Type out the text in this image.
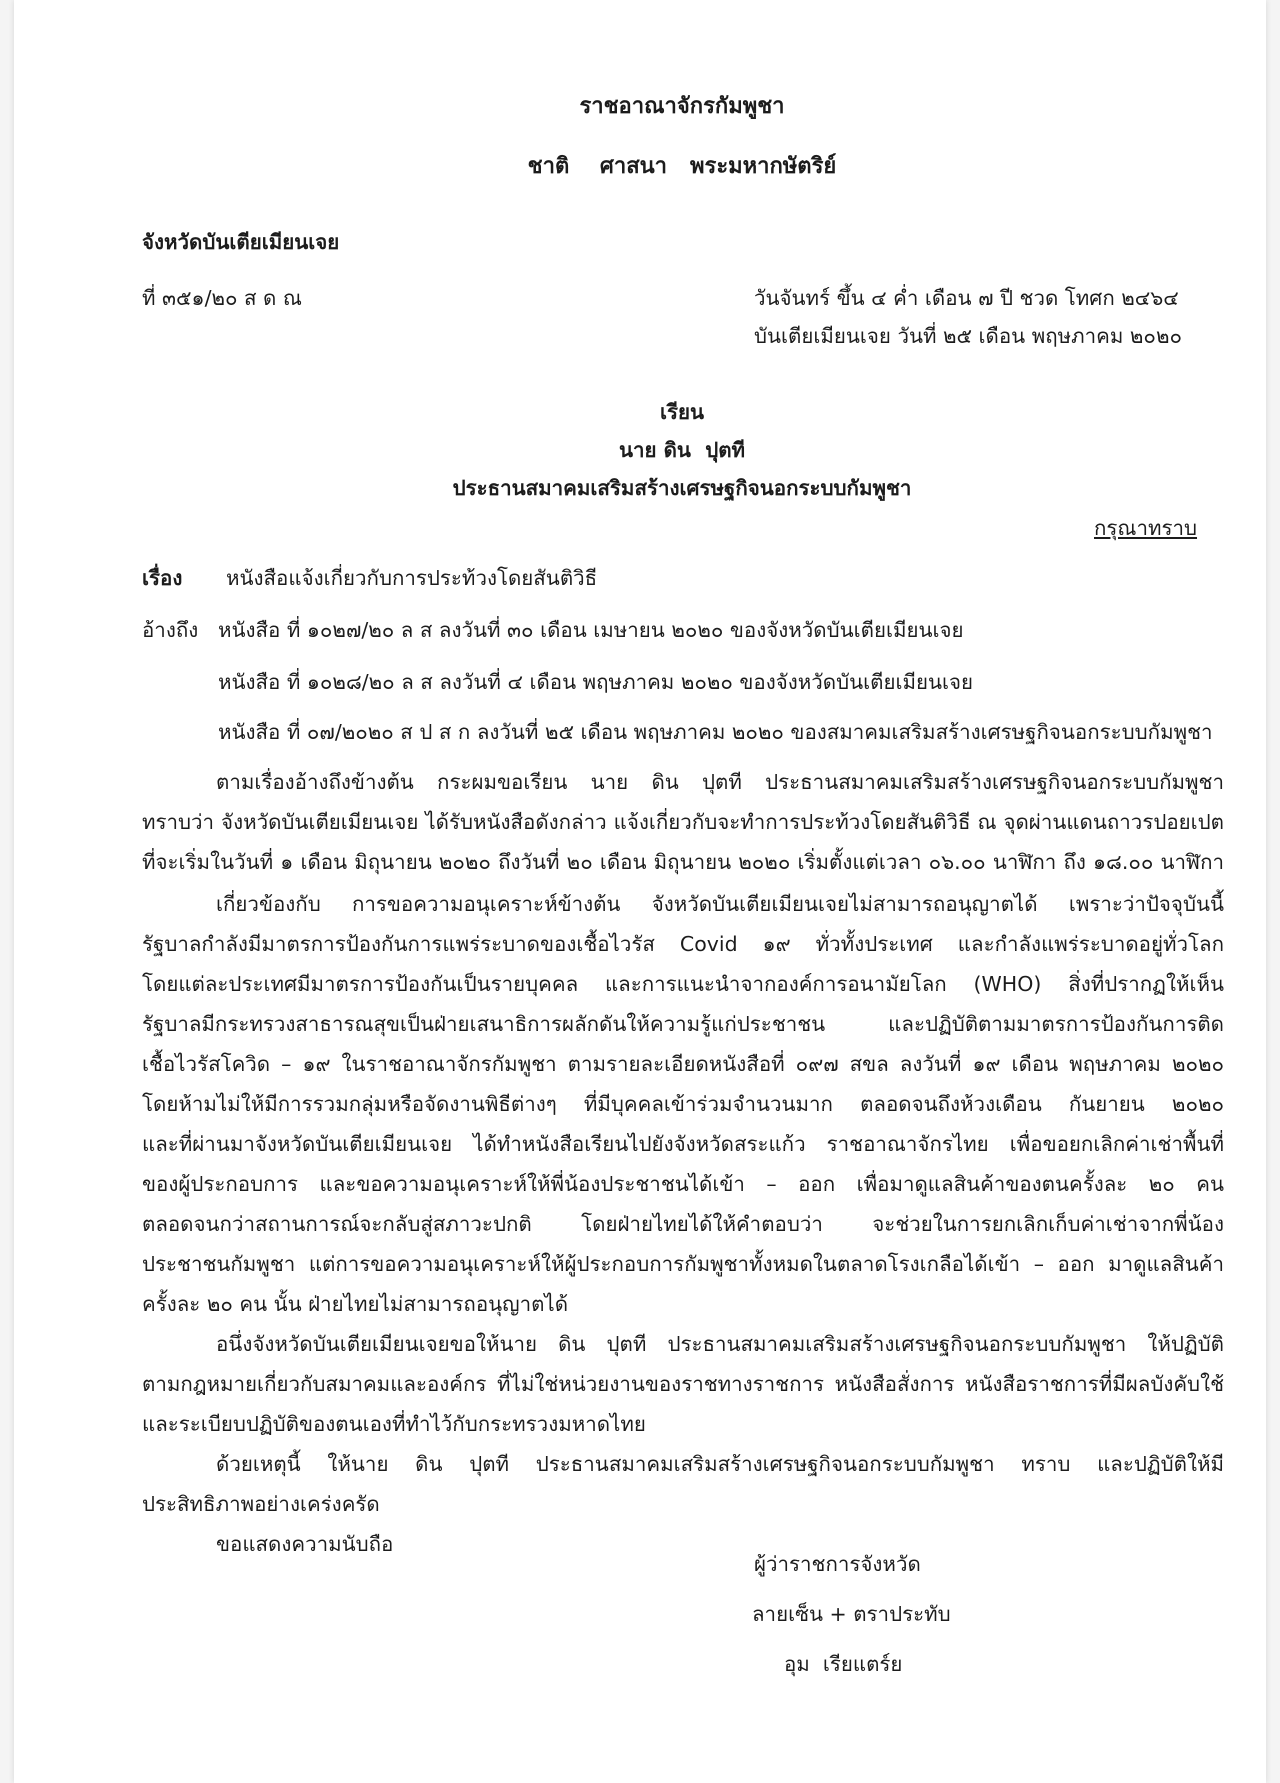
ราชอาณาจักรกัมพูชา
ชาติ    ศาสนา   พระมหากษัตริย์
จังหวัดบันเตียเมียนเจย
ที่ ๓๕๑/๒๐ ส ด ณ	วันจันทร์ ขึ้น ๔ ค่ำ เดือน ๗ ปี ชวด โทศก ๒๔๖๔
บันเตียเมียนเจย วันที่ ๒๕ เดือน พฤษภาคม ๒๐๒๐
เรียน
นาย ดิน  ปุตที
ประธานสมาคมเสริมสร้างเศรษฐกิจนอกระบบกัมพูชา
กรุณาทราบ
เรื่อง หนังสือแจ้งเกี่ยวกับการประท้วงโดยสันติวิธี
อ้างถึง หนังสือ ที่ ๑๐๒๗/๒๐ ล ส ลงวันที่ ๓๐ เดือน เมษายน ๒๐๒๐ ของจังหวัดบันเตียเมียนเจย
หนังสือ ที่ ๑๐๒๘/๒๐ ล ส ลงวันที่ ๔ เดือน พฤษภาคม ๒๐๒๐ ของจังหวัดบันเตียเมียนเจย
หนังสือ ที่ ๐๗/๒๐๒๐ ส ป ส ก ลงวันที่ ๒๕ เดือน พฤษภาคม ๒๐๒๐ ของสมาคมเสริมสร้างเศรษฐกิจนอกระบบกัมพูชา
ตามเรื่องอ้างถึงข้างต้น กระผมขอเรียน นาย ดิน ปุตที ประธานสมาคมเสริมสร้างเศรษฐกิจนอกระบบกัมพูชา
ทราบว่า จังหวัดบันเตียเมียนเจย ได้รับหนังสือดังกล่าว แจ้งเกี่ยวกับจะทำการประท้วงโดยสันติวิธี ณ จุดผ่านแดนถาวรปอยเปต
ที่จะเริ่มในวันที่ ๑ เดือน มิถุนายน ๒๐๒๐ ถึงวันที่ ๒๐ เดือน มิถุนายน ๒๐๒๐ เริ่มตั้งแต่เวลา ๐๖.๐๐ นาฬิกา ถึง ๑๘.๐๐ นาฬิกา
เกี่ยวข้องกับ การขอความอนุเคราะห์ข้างต้น จังหวัดบันเตียเมียนเจยไม่สามารถอนุญาตได้ เพราะว่าปัจจุบันนี้
รัฐบาลกำลังมีมาตรการป้องกันการแพร่ระบาดของเชื้อไวรัส Covid ๑๙ ทั่วทั้งประเทศ และกำลังแพร่ระบาดอยู่ทั่วโลก
โดยแต่ละประเทศมีมาตรการป้องกันเป็นรายบุคคล และการแนะนำจากองค์การอนามัยโลก (WHO) สิ่งที่ปรากฏให้เห็น
รัฐบาลมีกระทรวงสาธารณสุขเป็นฝ่ายเสนาธิการผลักดันให้ความรู้แก่ประชาชน และปฏิบัติตามมาตรการป้องกันการติด
เชื้อไวรัสโควิด – ๑๙ ในราชอาณาจักรกัมพูชา ตามรายละเอียดหนังสือที่ ๐๙๗ สขล ลงวันที่ ๑๙ เดือน พฤษภาคม ๒๐๒๐
โดยห้ามไม่ให้มีการรวมกลุ่มหรือจัดงานพิธีต่างๆ ที่มีบุคคลเข้าร่วมจำนวนมาก ตลอดจนถึงห้วงเดือน กันยายน ๒๐๒๐
และที่ผ่านมาจังหวัดบันเตียเมียนเจย ได้ทำหนังสือเรียนไปยังจังหวัดสระแก้ว ราชอาณาจักรไทย เพื่อขอยกเลิกค่าเช่าพื้นที่
ของผู้ประกอบการ และขอความอนุเคราะห์ให้พี่น้องประชาชนได้เข้า – ออก เพื่อมาดูแลสินค้าของตนครั้งละ ๒๐ คน
ตลอดจนกว่าสถานการณ์จะกลับสู่สภาวะปกติ โดยฝ่ายไทยได้ให้คำตอบว่า จะช่วยในการยกเลิกเก็บค่าเช่าจากพี่น้อง
ประชาชนกัมพูชา แต่การขอความอนุเคราะห์ให้ผู้ประกอบการกัมพูชาทั้งหมดในตลาดโรงเกลือได้เข้า – ออก มาดูแลสินค้า
ครั้งละ ๒๐ คน นั้น ฝ่ายไทยไม่สามารถอนุญาตได้
อนึ่งจังหวัดบันเตียเมียนเจยขอให้นาย ดิน ปุตที ประธานสมาคมเสริมสร้างเศรษฐกิจนอกระบบกัมพูชา ให้ปฏิบัติ
ตามกฎหมายเกี่ยวกับสมาคมและองค์กร ที่ไม่ใช่หน่วยงานของราชทางราชการ หนังสือสั่งการ หนังสือราชการที่มีผลบังคับใช้
และระเบียบปฏิบัติของตนเองที่ทำไว้กับกระทรวงมหาดไทย
ด้วยเหตุนี้ ให้นาย ดิน ปุตที ประธานสมาคมเสริมสร้างเศรษฐกิจนอกระบบกัมพูชา ทราบ และปฏิบัติให้มี
ประสิทธิภาพอย่างเคร่งครัด
ขอแสดงความนับถือ
ผู้ว่าราชการจังหวัด
ลายเซ็น + ตราประทับ
อุม  เรียแตร์ย
